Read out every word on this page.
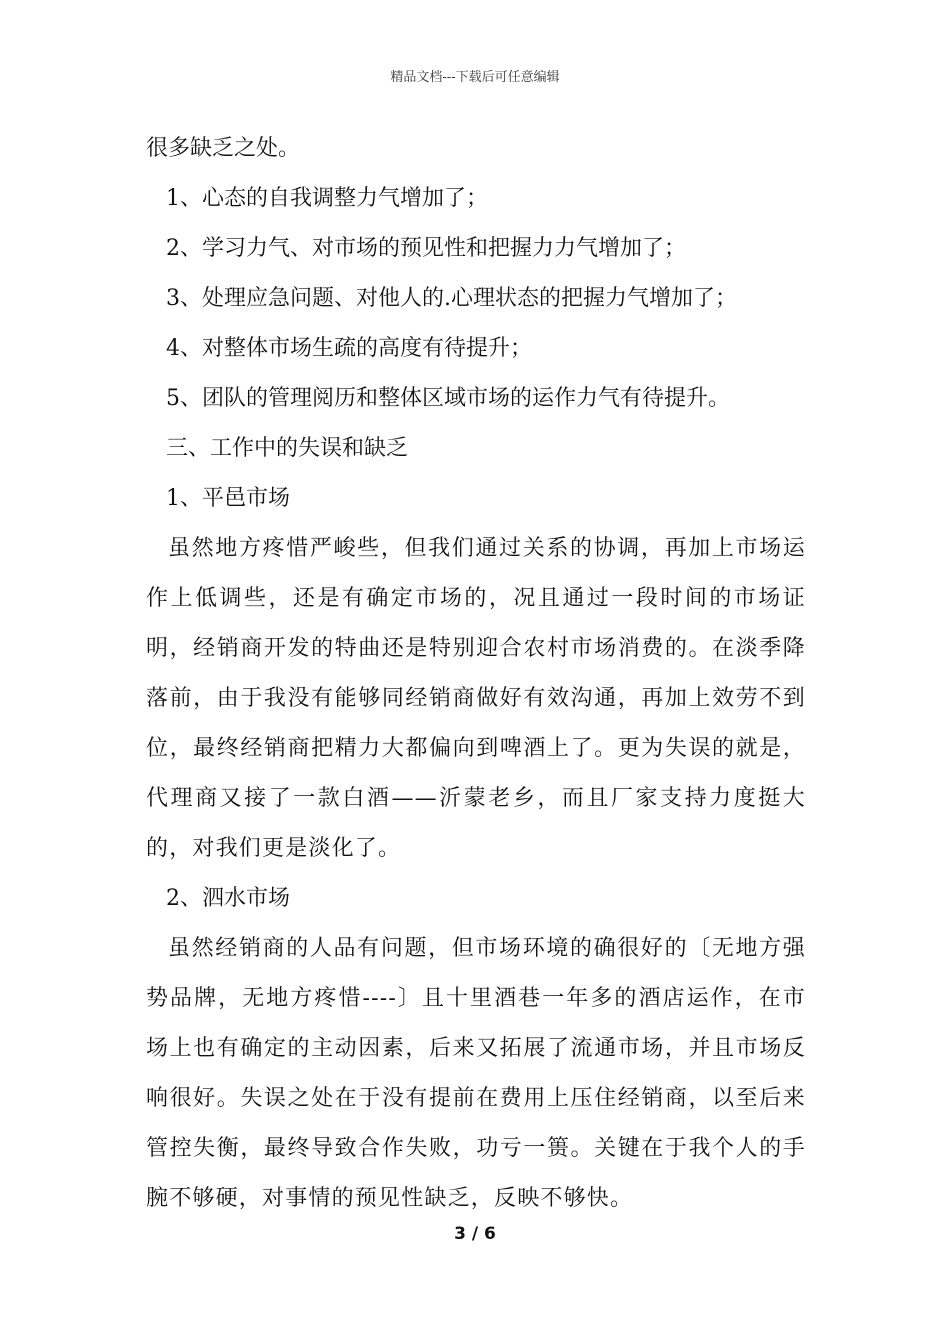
精品文档---下载后可任意编辑

很多缺乏之处。

1、心态的自我调整力气增加了；

2、学习力气、对市场的预见性和把握力力气增加了；

3、处理应急问题、对他人的.心理状态的把握力气增加了；

4、对整体市场生疏的高度有待提升；

5、团队的管理阅历和整体区域市场的运作力气有待提升。

三、工作中的失误和缺乏

1、平邑市场

虽然地方疼惜严峻些，但我们通过关系的协调，再加上市场运作上低调些，还是有确定市场的，况且通过一段时间的市场证明，经销商开发的特曲还是特别迎合农村市场消费的。在淡季降落前，由于我没有能够同经销商做好有效沟通，再加上效劳不到位，最终经销商把精力大都偏向到啤酒上了。更为失误的就是，代理商又接了一款白酒——沂蒙老乡，而且厂家支持力度挺大的，对我们更是淡化了。

2、泗水市场

虽然经销商的人品有问题，但市场环境的确很好的〔无地方强势品牌，无地方疼惜----〕且十里酒巷一年多的酒店运作，在市场上也有确定的主动因素，后来又拓展了流通市场，并且市场反响很好。失误之处在于没有提前在费用上压住经销商，以至后来管控失衡，最终导致合作失败，功亏一篑。关键在于我个人的手腕不够硬，对事情的预见性缺乏，反映不够快。

3 / 6
